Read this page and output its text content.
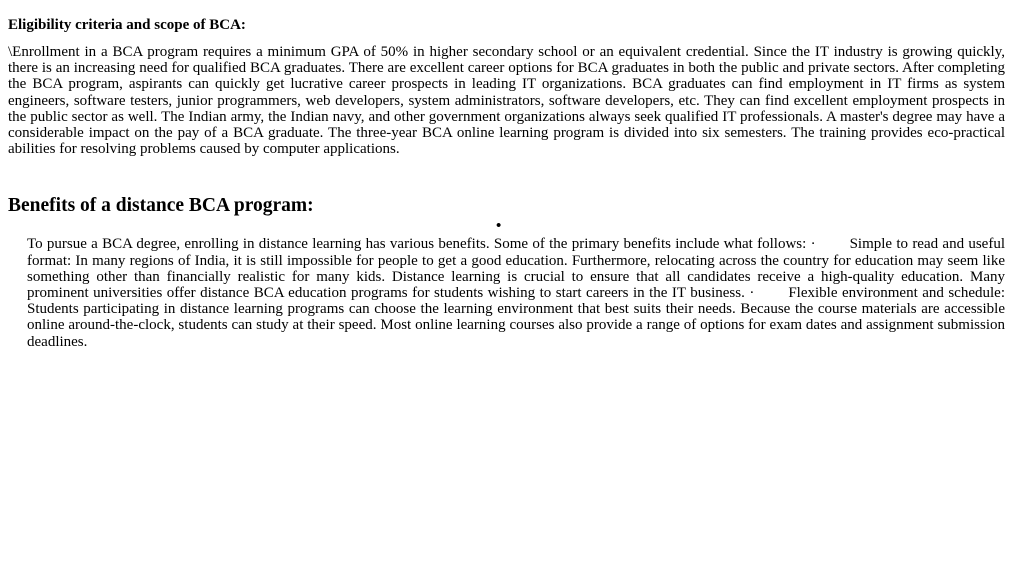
Eligibility criteria and scope of BCA:

\Enrollment in a BCA program requires a minimum GPA of 50% in higher secondary school or an equivalent credential. Since the IT industry is growing quickly, there is an increasing need for qualified BCA graduates. There are excellent career options for BCA graduates in both the public and private sectors. After completing the BCA program, aspirants can quickly get lucrative career prospects in leading IT organizations. BCA graduates can find employment in IT firms as system engineers, software testers, junior programmers, web developers, system administrators, software developers, etc. They can find excellent employment prospects in the public sector as well. The Indian army, the Indian navy, and other government organizations always seek qualified IT professionals. A master's degree may have a considerable impact on the pay of a BCA graduate. The three-year BCA online learning program is divided into six semesters. The training provides eco-practical abilities for resolving problems caused by computer applications.

Benefits of a distance BCA program:
•
To pursue a BCA degree, enrolling in distance learning has various benefits. Some of the primary benefits include what follows: · Simple to read and useful format: In many regions of India, it is still impossible for people to get a good education. Furthermore, relocating across the country for education may seem like something other than financially realistic for many kids. Distance learning is crucial to ensure that all candidates receive a high-quality education. Many prominent universities offer distance BCA education programs for students wishing to start careers in the IT business. · Flexible environment and schedule: Students participating in distance learning programs can choose the learning environment that best suits their needs. Because the course materials are accessible online around-the-clock, students can study at their speed. Most online learning courses also provide a range of options for exam dates and assignment submission deadlines.
